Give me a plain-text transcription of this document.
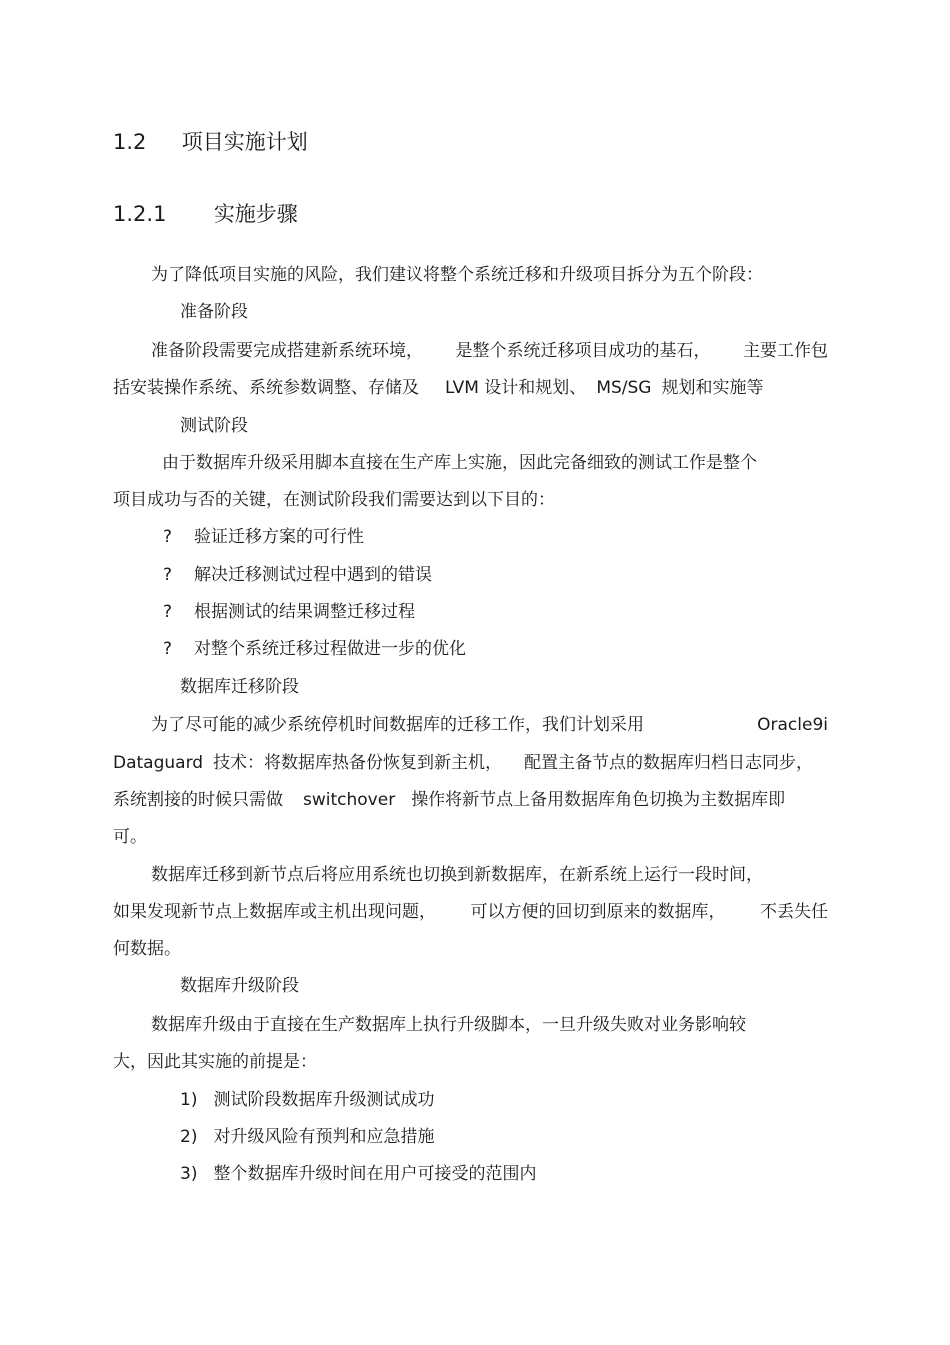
1.2 项目实施计划
1.2.1 实施步骤
为了降低项目实施的风险，我们建议将整个系统迁移和升级项目拆分为五个阶段：
准备阶段
准备阶段需要完成搭建新系统环境， 是整个系统迁移项目成功的基石， 主要工作包
括安装操作系统、系统参数调整、存储及 LVM 设计和规划、 MS/SG 规划和实施等
测试阶段
由于数据库升级采用脚本直接在生产库上实施，因此完备细致的测试工作是整个
项目成功与否的关键，在测试阶段我们需要达到以下目的：
? 验证迁移方案的可行性
? 解决迁移测试过程中遇到的错误
? 根据测试的结果调整迁移过程
? 对整个系统迁移过程做进一步的优化
数据库迁移阶段
为了尽可能的减少系统停机时间数据库的迁移工作，我们计划采用	Oracle9i
Dataguard 技术：将数据库热备份恢复到新主机， 配置主备节点的数据库归档日志同步，
系统割接的时候只需做 switchover 操作将新节点上备用数据库角色切换为主数据库即
可。
数据库迁移到新节点后将应用系统也切换到新数据库，在新系统上运行一段时间，
如果发现新节点上数据库或主机出现问题， 可以方便的回切到原来的数据库， 不丢失任
何数据。
数据库升级阶段
数据库升级由于直接在生产数据库上执行升级脚本，一旦升级失败对业务影响较
大，因此其实施的前提是：
1) 测试阶段数据库升级测试成功
2) 对升级风险有预判和应急措施
3) 整个数据库升级时间在用户可接受的范围内
